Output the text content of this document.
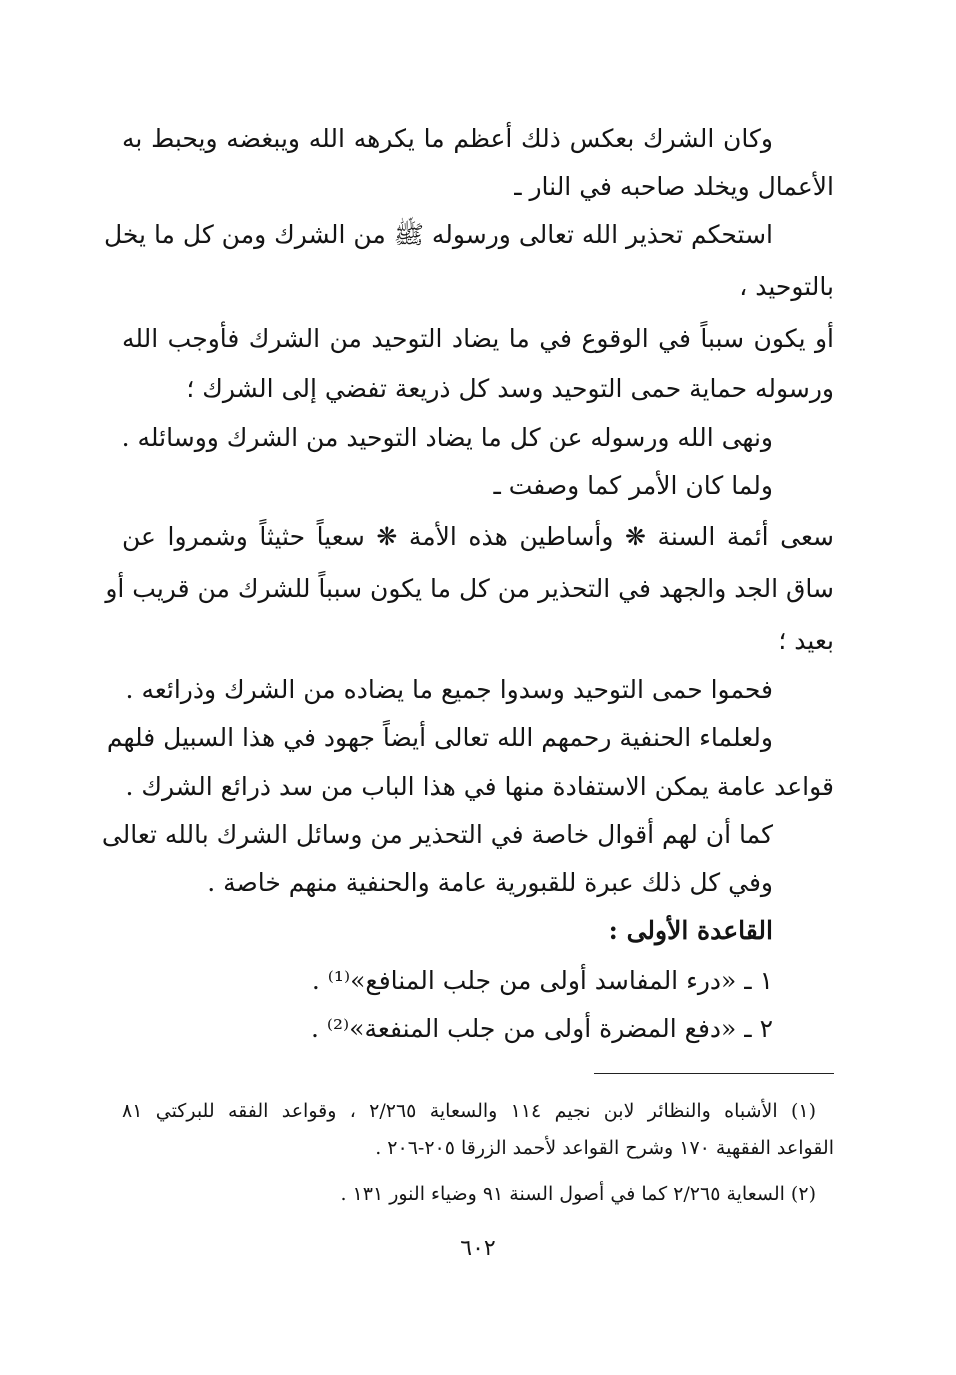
وكان الشرك بعكس ذلك أعظم ما يكرهه الله ويبغضه ويحبط به
الأعمال ويخلد صاحبه في النار ـ
استحكم تحذير الله تعالى ورسوله ﷺ من الشرك ومن كل ما يخل
بالتوحيد ،
أو يكون سبباً في الوقوع في ما يضاد التوحيد من الشرك فأوجب الله
ورسوله حماية حمى التوحيد وسد كل ذريعة تفضي إلى الشرك ؛
ونهى الله ورسوله عن كل ما يضاد التوحيد من الشرك ووسائله .
ولما كان الأمر كما وصفت ـ
سعى أئمة السنة ❋ وأساطين هذه الأمة ❋ سعياً حثيثاً وشمروا عن
ساق الجد والجهد في التحذير من كل ما يكون سبباً للشرك من قريب أو
بعيد ؛
فحموا حمى التوحيد وسدوا جميع ما يضاده من الشرك وذرائعه .
ولعلماء الحنفية رحمهم الله تعالى أيضاً جهود في هذا السبيل فلهم
قواعد عامة يمكن الاستفادة منها في هذا الباب من سد ذرائع الشرك .
كما أن لهم أقوال خاصة في التحذير من وسائل الشرك بالله تعالى
وفي كل ذلك عبرة للقبورية عامة والحنفية منهم خاصة .
القاعدة الأولى :
١ ـ «درء المفاسد أولى من جلب المنافع»⁽¹⁾ .
٢ ـ «دفع المضرة أولى من جلب المنفعة»⁽²⁾ .
(١) الأشباه والنظائر لابن نجيم ١١٤ والسعاية ٢/٢٦٥ ، وقواعد الفقه للبركتي ٨١
القواعد الفقهية ١٧٠ وشرح القواعد لأحمد الزرقا ٢٠٥-٢٠٦ .
(٢) السعاية ٢/٢٦٥ كما في أصول السنة ٩١ وضياء النور ١٣١ .
٦٠٢
